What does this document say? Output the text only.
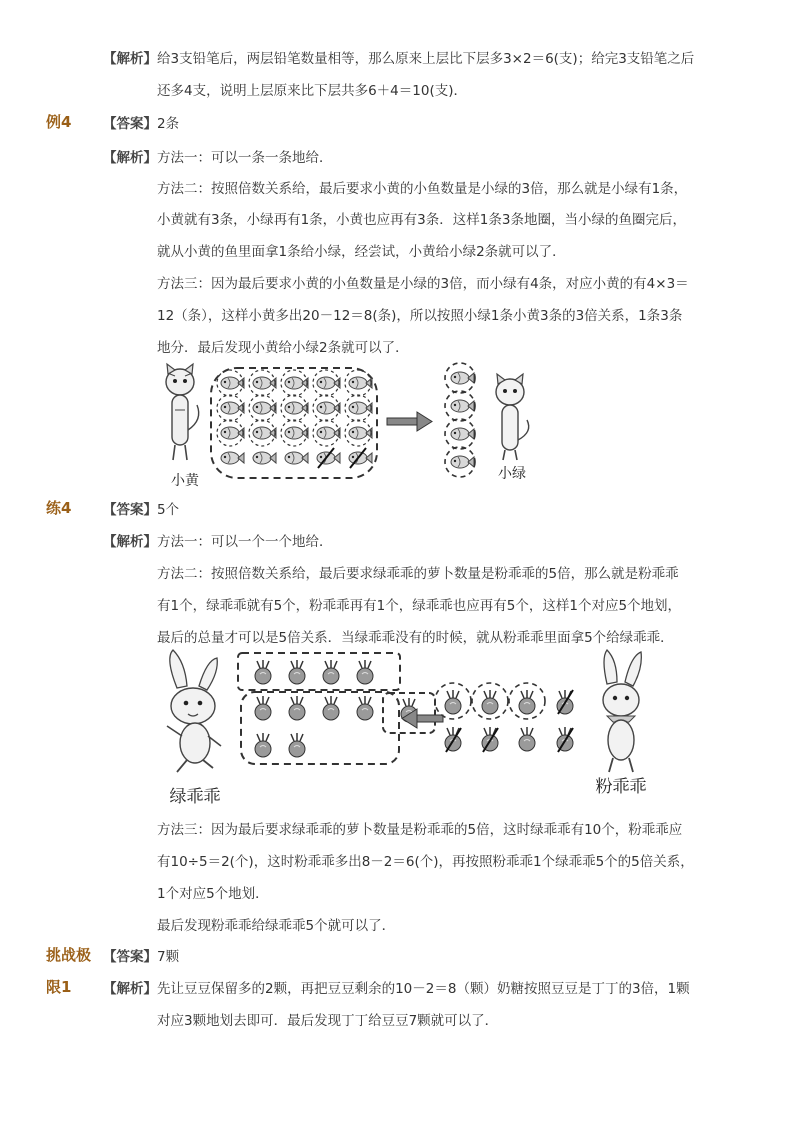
【解析】 给3支铅笔后，两层铅笔数量相等，那么原来上层比下层多3×2＝6(支)；给完3支铅笔之后
还多4支，说明上层原来比下层共多6＋4＝10(支)．
例4 【答案】 2条
【解析】 方法一：可以一条一条地给．
方法二：按照倍数关系给，最后要求小黄的小鱼数量是小绿的3倍，那么就是小绿有1条，
小黄就有3条，小绿再有1条，小黄也应再有3条．这样1条3条地圈，当小绿的鱼圈完后，
就从小黄的鱼里面拿1条给小绿，经尝试，小黄给小绿2条就可以了．
方法三：因为最后要求小黄的小鱼数量是小绿的3倍，而小绿有4条，对应小黄的有4×3＝
12（条），这样小黄多出20－12＝8(条)，所以按照小绿1条小黄3条的3倍关系，1条3条
地分．最后发现小黄给小绿2条就可以了．
小黄	小绿
练4 【答案】 5个
【解析】 方法一：可以一个一个地给．
方法二：按照倍数关系给，最后要求绿乖乖的萝卜数量是粉乖乖的5倍，那么就是粉乖乖
有1个，绿乖乖就有5个，粉乖乖再有1个，绿乖乖也应再有5个，这样1个对应5个地划，
最后的总量才可以是5倍关系．当绿乖乖没有的时候，就从粉乖乖里面拿5个给绿乖乖．
绿乖乖	粉乖乖
方法三：因为最后要求绿乖乖的萝卜数量是粉乖乖的5倍，这时绿乖乖有10个，粉乖乖应
有10÷5＝2(个)，这时粉乖乖多出8－2＝6(个)，再按照粉乖乖1个绿乖乖5个的5倍关系，
1个对应5个地划．
最后发现粉乖乖给绿乖乖5个就可以了．
挑战极 【答案】 7颗
限1 【解析】 先让豆豆保留多的2颗，再把豆豆剩余的10－2＝8（颗）奶糖按照豆豆是丁丁的3倍，1颗
对应3颗地划去即可．最后发现丁丁给豆豆7颗就可以了．
